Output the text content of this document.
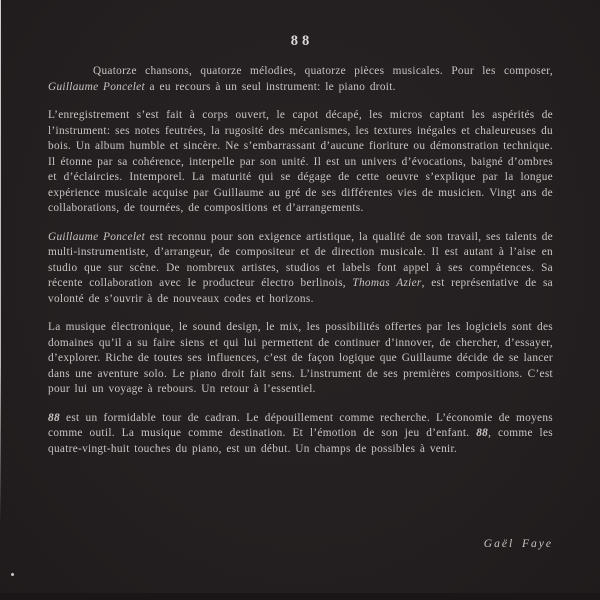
88

Quatorze chansons, quatorze mélodies, quatorze pièces musicales. Pour les composer, Guillaume Poncelet a eu recours à un seul instrument: le piano droit.

L’enregistrement s’est fait à corps ouvert, le capot décapé, les micros captant les aspérités de l’instrument: ses notes feutrées, la rugosité des mécanismes, les textures inégales et chaleureuses du bois. Un album humble et sincère. Ne s’embarrassant d’aucune fioriture ou démonstration technique. Il étonne par sa cohérence, interpelle par son unité. Il est un univers d’évocations, baigné d’ombres et d’éclaircies. Intemporel. La maturité qui se dégage de cette oeuvre s’explique par la longue expérience musicale acquise par Guillaume au gré de ses différentes vies de musicien. Vingt ans de collaborations, de tournées, de compositions et d’arrangements.

Guillaume Poncelet est reconnu pour son exigence artistique, la qualité de son travail, ses talents de multi-instrumentiste, d’arrangeur, de compositeur et de direction musicale. Il est autant à l’aise en studio que sur scène. De nombreux artistes, studios et labels font appel à ses compétences. Sa récente collaboration avec le producteur électro berlinois, Thomas Azier, est représentative de sa volonté de s’ouvrir à de nouveaux codes et horizons.

La musique électronique, le sound design, le mix, les possibilités offertes par les logiciels sont des domaines qu’il a su faire siens et qui lui permettent de continuer d’innover, de chercher, d’essayer, d’explorer. Riche de toutes ses influences, c’est de façon logique que Guillaume décide de se lancer dans une aventure solo. Le piano droit fait sens. L’instrument de ses premières compositions. C’est pour lui un voyage à rebours. Un retour à l’essentiel.

88 est un formidable tour de cadran. Le dépouillement comme recherche. L’économie de moyens comme outil. La musique comme destination. Et l’émotion de son jeu d’enfant. 88, comme les quatre-vingt-huit touches du piano, est un début. Un champs de possibles à venir.

Gaël Faye
